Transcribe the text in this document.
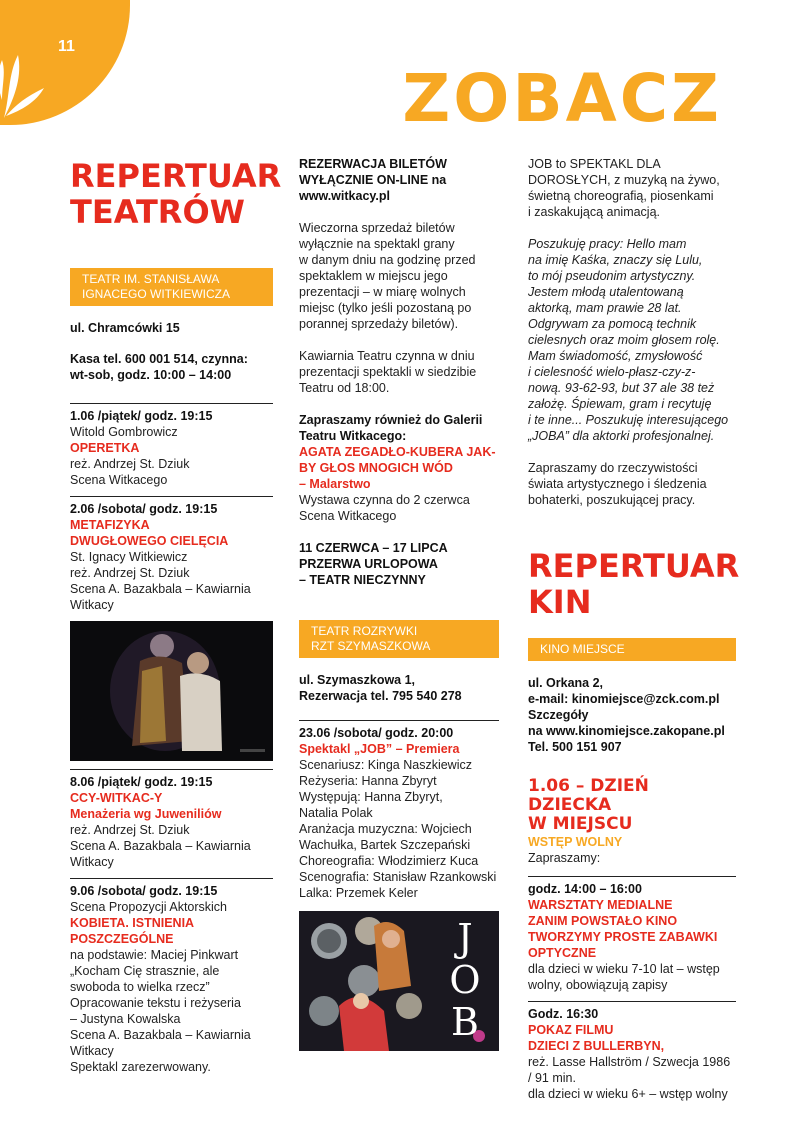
11
ZOBACZ
REPERTUAR
TEATRÓW
TEATR IM. STANISŁAWA
IGNACEGO WITKIEWICZA

ul. Chramcówki 15

Kasa tel. 600 001 514, czynna:
wt-sob, godz. 10:00 – 14:00

1.06 /piątek/ godz. 19:15

Witold Gombrowicz

OPERETKA

reż. Andrzej St. Dziuk

Scena Witkacego

2.06 /sobota/ godz. 19:15

METAFIZYKA

DWUGŁOWEGO CIELĘCIA

St. Ignacy Witkiewicz

reż. Andrzej St. Dziuk

Scena A. Bazakbala – Kawiarnia

Witkacy

8.06 /piątek/ godz. 19:15

CCY-WITKAC-Y

Menażeria wg Juweniliów

reż. Andrzej St. Dziuk

Scena A. Bazakbala – Kawiarnia

Witkacy

9.06 /sobota/ godz. 19:15

Scena Propozycji Aktorskich

KOBIETA. ISTNIENIA

POSZCZEGÓLNE

na podstawie: Maciej Pinkwart

„Kocham Cię strasznie, ale

swoboda to wielka rzecz”

Opracowanie tekstu i reżyseria

– Justyna Kowalska

Scena A. Bazakbala – Kawiarnia

Witkacy

Spektakl zarezerwowany.

REZERWACJA BILETÓW
WYŁĄCZNIE ON-LINE na
www.witkacy.pl

Wieczorna sprzedaż biletów

wyłącznie na spektakl grany

w danym dniu na godzinę przed

spektaklem w miejscu jego

prezentacji – w miarę wolnych

miejsc (tylko jeśli pozostaną po

porannej sprzedaży biletów).

Kawiarnia Teatru czynna w dniu

prezentacji spektakli w siedzibie

Teatru od 18:00.

Zapraszamy również do Galerii

Teatru Witkacego:

AGATA ZEGADŁO-KUBERA JAK-

BY GŁOS MNOGICH WÓD

– Malarstwo

Wystawa czynna do 2 czerwca

Scena Witkacego

11 CZERWCA – 17 LIPCA

PRZERWA URLOPOWA

– TEATR NIECZYNNY

TEATR ROZRYWKI
RZT SZYMASZKOWA

ul. Szymaszkowa 1,
Rezerwacja tel. 795 540 278

23.06 /sobota/ godz. 20:00

Spektakl „JOB” – Premiera

Scenariusz: Kinga Naszkiewicz

Reżyseria: Hanna Zbyryt

Występują: Hanna Zbyryt,

Natalia Polak

Aranżacja muzyczna: Wojciech

Wachułka, Bartek Szczepański

Choreografia: Włodzimierz Kuca

Scenografia: Stanisław Rzankowski

Lalka: Przemek Keler

J
O
B

JOB to SPEKTAKL DLA

DOROSŁYCH, z muzyką na żywo,

świetną choreografią, piosenkami

i zaskakującą animacją.

Poszukuję pracy: Hello mam

na imię Kaśka, znaczy się Lulu,

to mój pseudonim artystyczny.

Jestem młodą utalentowaną

aktorką, mam prawie 28 lat.

Odgrywam za pomocą technik

cielesnych oraz moim głosem rolę.

Mam świadomość, zmysłowość

i cielesność wielo-płasz-czy-z-

nową. 93-62-93, but 37 ale 38 też

założę. Śpiewam, gram i recytuję

i te inne... Poszukuję interesującego

„JOBA” dla aktorki profesjonalnej.

Zapraszamy do rzeczywistości

świata artystycznego i śledzenia

bohaterki, poszukującej pracy.

REPERTUAR
KIN
KINO MIEJSCE

ul. Orkana 2,

e-mail: kinomiejsce@zck.com.pl

Szczegóły

na www.kinomiejsce.zakopane.pl

Tel. 500 151 907

1.06 – DZIEŃ DZIECKA
W MIEJSCU

WSTĘP WOLNY

Zapraszamy:

godz. 14:00 – 16:00

WARSZTATY MEDIALNE

ZANIM POWSTAŁO KINO

TWORZYMY PROSTE ZABAWKI

OPTYCZNE

dla dzieci w wieku 7-10 lat – wstęp

wolny, obowiązują zapisy

Godz. 16:30

POKAZ FILMU

DZIECI Z BULLERBYN,

reż. Lasse Hallström / Szwecja 1986

/ 91 min.

dla dzieci w wieku 6+ – wstęp wolny
